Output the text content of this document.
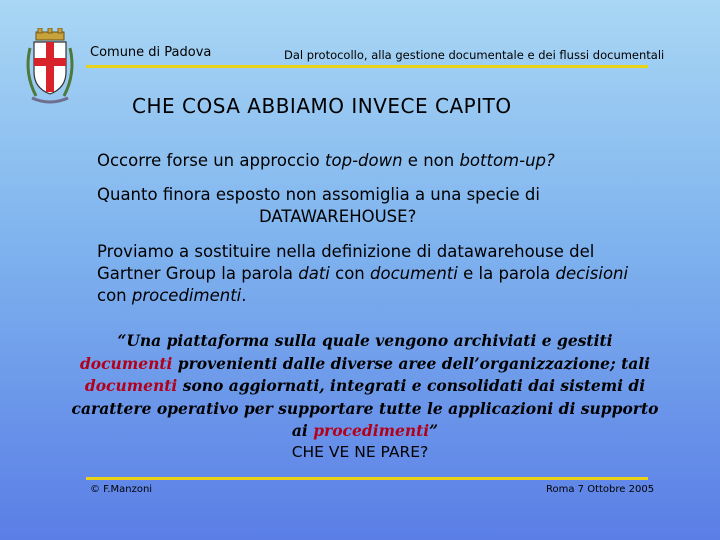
Comune di Padova	Dal protocollo, alla gestione documentale e dei flussi documentali
CHE COSA ABBIAMO INVECE CAPITO
Occorre forse un approccio top-down e non bottom-up?
Quanto finora esposto non assomiglia a una specie di
DATAWAREHOUSE?
Proviamo a sostituire nella definizione di datawarehouse del Gartner Group la parola dati con documenti e la parola decisioni con procedimenti.
“Una piattaforma sulla quale vengono archiviati e gestiti documenti provenienti dalle diverse aree dell’organizzazione; tali documenti sono aggiornati, integrati e consolidati dai sistemi di carattere operativo per supportare tutte le applicazioni di supporto ai procedimenti”
CHE VE NE PARE?
© F.Manzoni	Roma 7 Ottobre 2005
